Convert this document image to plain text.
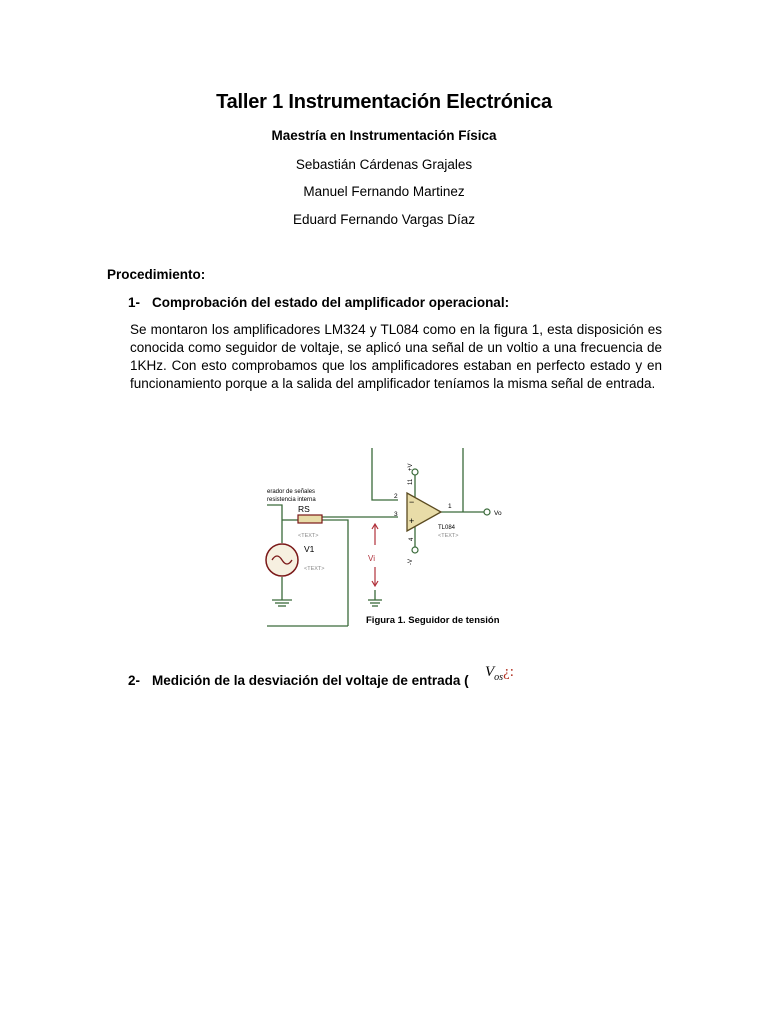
Taller 1 Instrumentación Electrónica
Maestría en Instrumentación Física
Sebastián Cárdenas Grajales
Manuel Fernando Martinez
Eduard Fernando Vargas Díaz
Procedimiento:
1- Comprobación del estado del amplificador operacional:
Se montaron los amplificadores LM324 y TL084 como en la figura 1, esta disposición es conocida como seguidor de voltaje, se aplicó una señal de un voltio a una frecuencia de 1KHz. Con esto comprobamos que los amplificadores estaban en perfecto estado y en funcionamiento porque a la salida del amplificador teníamos la misma señal de entrada.
erador de señales
resistencia interna
RS
<TEXT>
V1
<TEXT>
Vi
2
3
1
11
+V
4
-V
−
+
TL084
<TEXT>
Vo
Figura 1. Seguidor de tensión
2- Medición de la desviación del voltaje de entrada (
$V_{os}¿$:
